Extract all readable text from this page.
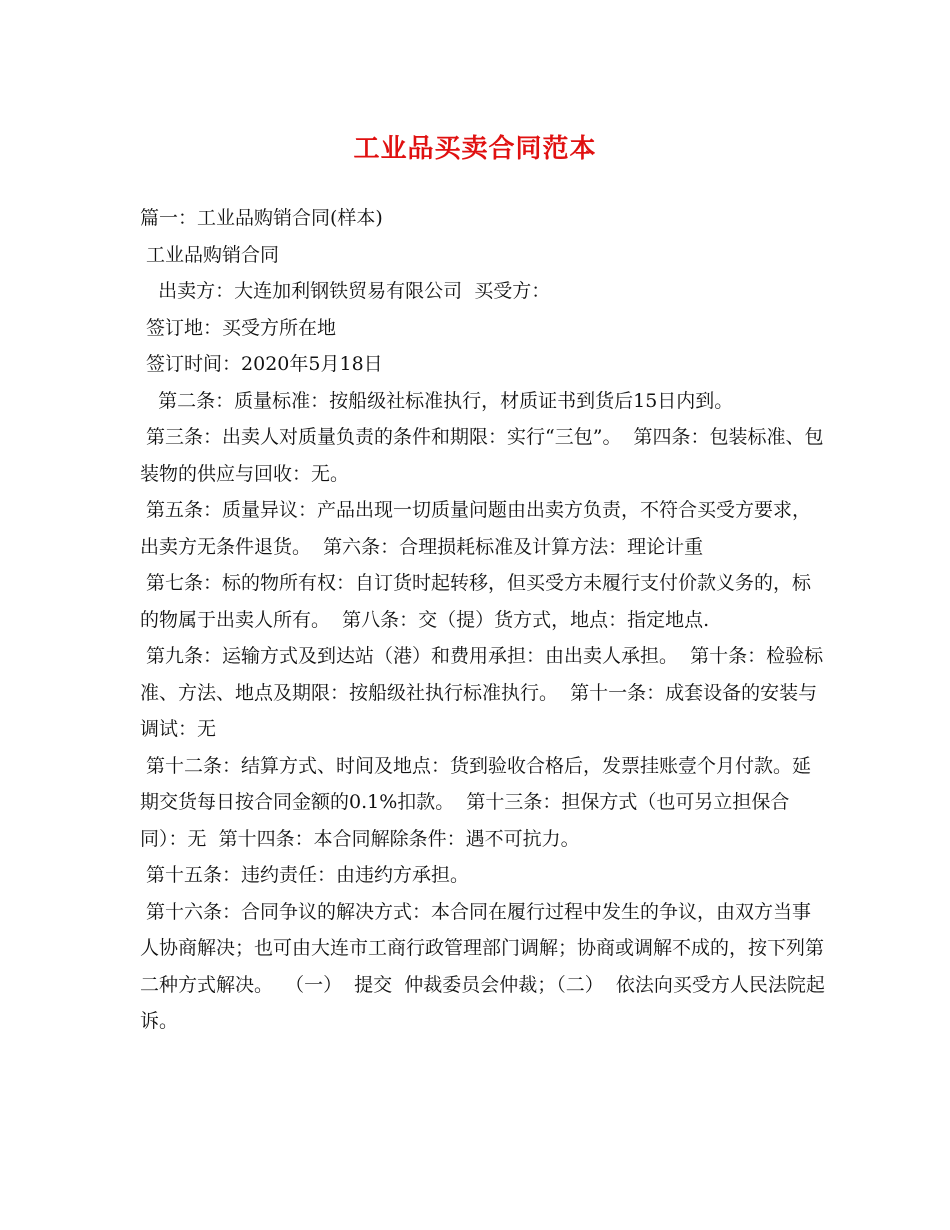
工业品买卖合同范本

篇一：工业品购销合同(样本)

工业品购销合同

出卖方：大连加利钢铁贸易有限公司  买受方：

签订地：买受方所在地

签订时间：2020年5月18日

第二条：质量标准：按船级社标准执行，材质证书到货后15日内到。

第三条：出卖人对质量负责的条件和期限：实行“三包”。  第四条：包装标准、包装物的供应与回收：无。

第五条：质量异议：产品出现一切质量问题由出卖方负责，不符合买受方要求，出卖方无条件退货。  第六条：合理损耗标准及计算方法：理论计重

第七条：标的物所有权：自订货时起转移，但买受方未履行支付价款义务的，标的物属于出卖人所有。  第八条：交（提）货方式，地点：指定地点.

第九条：运输方式及到达站（港）和费用承担：由出卖人承担。  第十条：检验标准、方法、地点及期限：按船级社执行标准执行。  第十一条：成套设备的安装与调试：无

第十二条：结算方式、时间及地点：货到验收合格后，发票挂账壹个月付款。延期交货每日按合同金额的0.1%扣款。  第十三条：担保方式（也可另立担保合同）：无  第十四条：本合同解除条件：遇不可抗力。

第十五条：违约责任：由违约方承担。

第十六条：合同争议的解决方式：本合同在履行过程中发生的争议，由双方当事人协商解决；也可由大连市工商行政管理部门调解；协商或调解不成的，按下列第二种方式解决。  （一）  提交  仲裁委员会仲裁；（二）  依法向买受方人民法院起诉。
